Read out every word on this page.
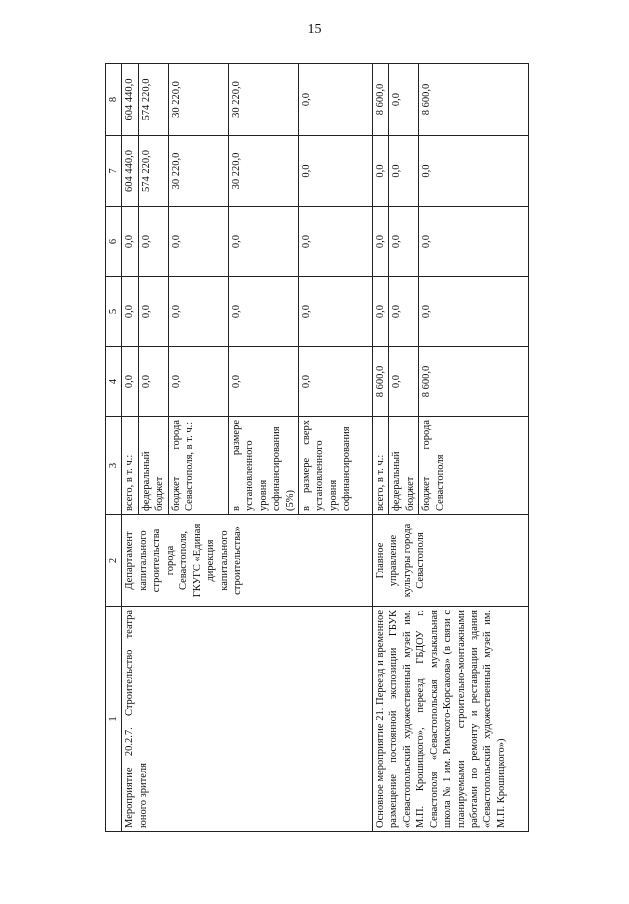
15
1	2	3	4	5	6	7	8
Мероприятие 20.2.7. Строительство театра юного зрителя	Департамент капитального строительства города Севастополя, ГКУГС «Единая дирекция капитального строительства»	всего, в т. ч.:	0,0	0,0	0,0	604 440,0	604 440,0
		федеральный бюджет	0,0	0,0	0,0	574 220,0	574 220,0
		бюджет города Севастополя, в т. ч.:	0,0	0,0	0,0	30 220,0	30 220,0
		в размере установленного уровня софинансирования (5%)	0,0	0,0	0,0	30 220,0	30 220,0
		в размере сверх установленного уровня софинансирования	0,0	0,0	0,0	0,0	0,0
Основное мероприятие 21. Переезд и временное размещение постоянной экспозиции ГБУК «Севастопольский художественный музей им. М.П. Крошицкого», переезд ГБДОУ г. Севастополя «Севастопольская музыкальная школа № 1 им. Римского-Корсакова» (в связи с планируемыми строительно-монтажными работами по ремонту и реставрации здания «Севастопольский художественный музей им. М.П. Крошицкого»)	Главное управление культуры города Севастополя	всего, в т. ч.:	8 600,0	0,0	0,0	0,0	8 600,0
		федеральный бюджет	0,0	0,0	0,0	0,0	0,0
		бюджет города Севастополя	8 600,0	0,0	0,0	0,0	8 600,0
